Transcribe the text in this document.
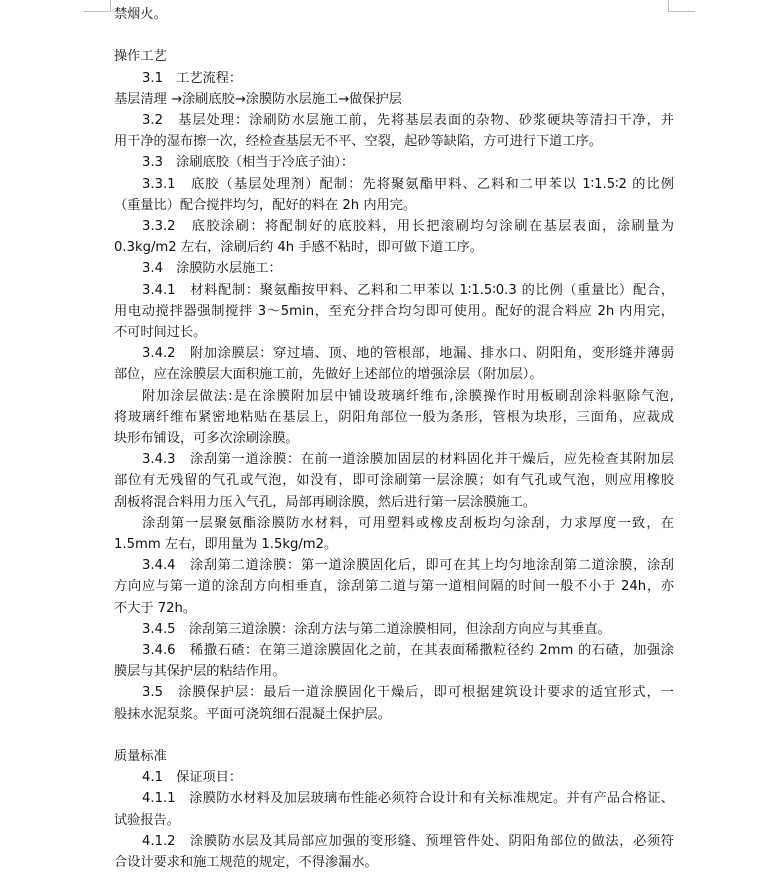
禁烟火。
操作工艺
3.1　工艺流程：
基层清理 →涂刷底胶→涂膜防水层施工→做保护层
3.2　基层处理：涂刷防水层施工前，先将基层表面的杂物、砂浆硬块等清扫干净，并
用干净的湿布擦一次，经检查基层无不平、空裂，起砂等缺陷，方可进行下道工序。
3.3　涂刷底胶（相当于冷底子油）：
3.3.1　底胶（基层处理剂）配制：先将聚氨酯甲料、乙料和二甲苯以 1∶1.5∶2 的比例
（重量比）配合搅拌均匀，配好的料在 2h 内用完。
3.3.2　底胶涂刷：将配制好的底胶料，用长把滚刷均匀涂刷在基层表面，涂刷量为
0.3kg/m2 左右，涂刷后约 4h 手感不粘时，即可做下道工序。
3.4　涂膜防水层施工：
3.4.1　材料配制：聚氨酯按甲料、乙料和二甲苯以 1∶1.5∶0.3 的比例（重量比）配合，
用电动搅拌器强制搅拌 3～5min，至充分拌合均匀即可使用。配好的混合料应 2h 内用完，
不可时间过长。
3.4.2　附加涂膜层：穿过墙、顶、地的管根部，地漏、排水口、阴阳角，变形缝并薄弱
部位，应在涂膜层大面积施工前，先做好上述部位的增强涂层（附加层）。
附加涂层做法:是在涂膜附加层中铺设玻璃纤维布,涂膜操作时用板刷刮涂料驱除气泡,
将玻璃纤维布紧密地粘贴在基层上，阴阳角部位一般为条形，管根为块形，三面角，应裁成
块形布铺设，可多次涂刷涂膜。
3.4.3　涂刮第一道涂膜：在前一道涂膜加固层的材料固化并干燥后，应先检查其附加层
部位有无残留的气孔或气泡，如没有，即可涂刷第一层涂膜；如有气孔或气泡，则应用橡胶
刮板将混合料用力压入气孔，局部再刷涂膜，然后进行第一层涂膜施工。
涂刮第一层聚氨酯涂膜防水材料，可用塑料或橡皮刮板均匀涂刮，力求厚度一致，在
1.5mm 左右，即用量为 1.5kg/m2。
3.4.4　涂刮第二道涂膜：第一道涂膜固化后，即可在其上均匀地涂刮第二道涂膜，涂刮
方向应与第一道的涂刮方向相垂直，涂刮第二道与第一道相间隔的时间一般不小于 24h，亦
不大于 72h。
3.4.5　涂刮第三道涂膜：涂刮方法与第二道涂膜相同，但涂刮方向应与其垂直。
3.4.6　稀撒石碴：在第三道涂膜固化之前，在其表面稀撒粒径约 2mm 的石碴，加强涂
膜层与其保护层的粘结作用。
3.5　涂膜保护层：最后一道涂膜固化干燥后，即可根据建筑设计要求的适宜形式，一
般抹水泥泵浆。平面可浇筑细石混凝土保护层。
质量标准
4.1　保证项目：
4.1.1　涂膜防水材料及加层玻璃布性能必须符合设计和有关标准规定。并有产品合格证、
试验报告。
4.1.2　涂膜防水层及其局部应加强的变形缝、预埋管件处、阴阳角部位的做法，必须符
合设计要求和施工规范的规定，不得渗漏水。
